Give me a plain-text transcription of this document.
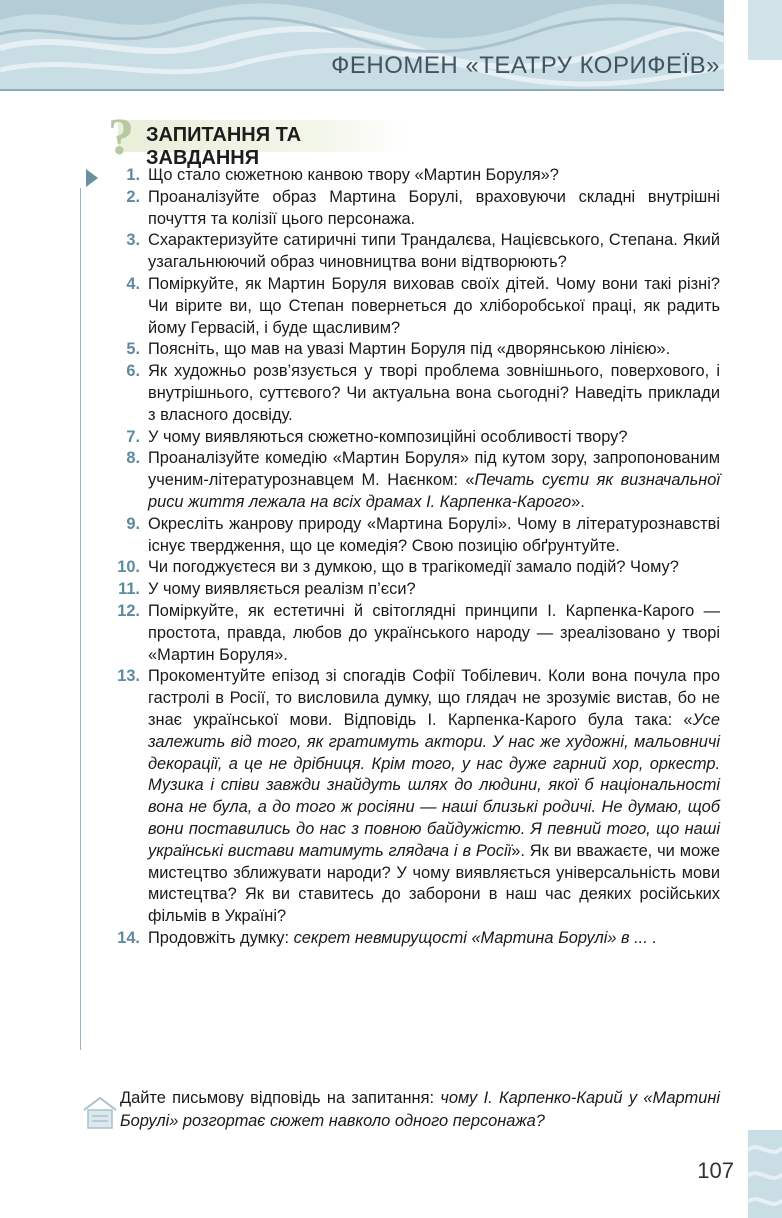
ФЕНОМЕН «ТЕАТРУ КОРИФЕЇВ»
? ЗАПИТАННЯ ТА ЗАВДАННЯ
1. Що стало сюжетною канвою твору «Мартин Боруля»?
2. Проаналізуйте образ Мартина Борулі, враховуючи складні внутрішні почуття та колізії цього персонажа.
3. Схарактеризуйте сатиричні типи Трандалєва, Націєвського, Степана. Який узагальнюючий образ чиновництва вони відтворюють?
4. Поміркуйте, як Мартин Боруля виховав своїх дітей. Чому вони такі різні? Чи вірите ви, що Степан повернеться до хліборобської праці, як радить йому Гервасій, і буде щасливим?
5. Поясніть, що мав на увазі Мартин Боруля під «дворянською лінією».
6. Як художньо розв’язується у творі проблема зовнішнього, поверхового, і внутрішнього, суттєвого? Чи актуальна вона сьогодні? Наведіть приклади з власного досвіду.
7. У чому виявляються сюжетно-композиційні особливості твору?
8. Проаналізуйте комедію «Мартин Боруля» під кутом зору, запропонованим ученим-літературознавцем М. Наєнком: «Печать суєти як визначальної риси життя лежала на всіх драмах І. Карпенка-Карого».
9. Окресліть жанрову природу «Мартина Борулі». Чому в літературознавстві існує твердження, що це комедія? Свою позицію обґрунтуйте.
10. Чи погоджуєтеся ви з думкою, що в трагікомедії замало подій? Чому?
11. У чому виявляється реалізм п’єси?
12. Поміркуйте, як естетичні й світоглядні принципи І. Карпенка-Карого — простота, правда, любов до українського народу — зреалізовано у творі «Мартин Боруля».
13. Прокоментуйте епізод зі спогадів Софії Тобілевич. Коли вона почула про гастролі в Росії, то висловила думку, що глядач не зрозуміє вистав, бо не знає української мови. Відповідь І. Карпенка-Карого була така: «Усе залежить від того, як гратимуть актори. У нас же художні, мальовничі декорації, а це не дрібниця. Крім того, у нас дуже гарний хор, оркестр. Музика і співи завжди знайдуть шлях до людини, якої б національності вона не була, а до того ж росіяни — наші близькі родичі. Не думаю, щоб вони поставились до нас з повною байдужістю. Я певний того, що наші українські вистави матимуть глядача і в Росії». Як ви вважаєте, чи може мистецтво зближувати народи? У чому виявляється універсальність мови мистецтва? Як ви ставитесь до заборони в наш час деяких російських фільмів в Україні?
14. Продовжіть думку: секрет невмирущості «Мартина Борулі» в ... .
Дайте письмову відповідь на запитання: чому І. Карпенко-Карий у «Мартині Борулі» розгортає сюжет навколо одного персонажа?
107
